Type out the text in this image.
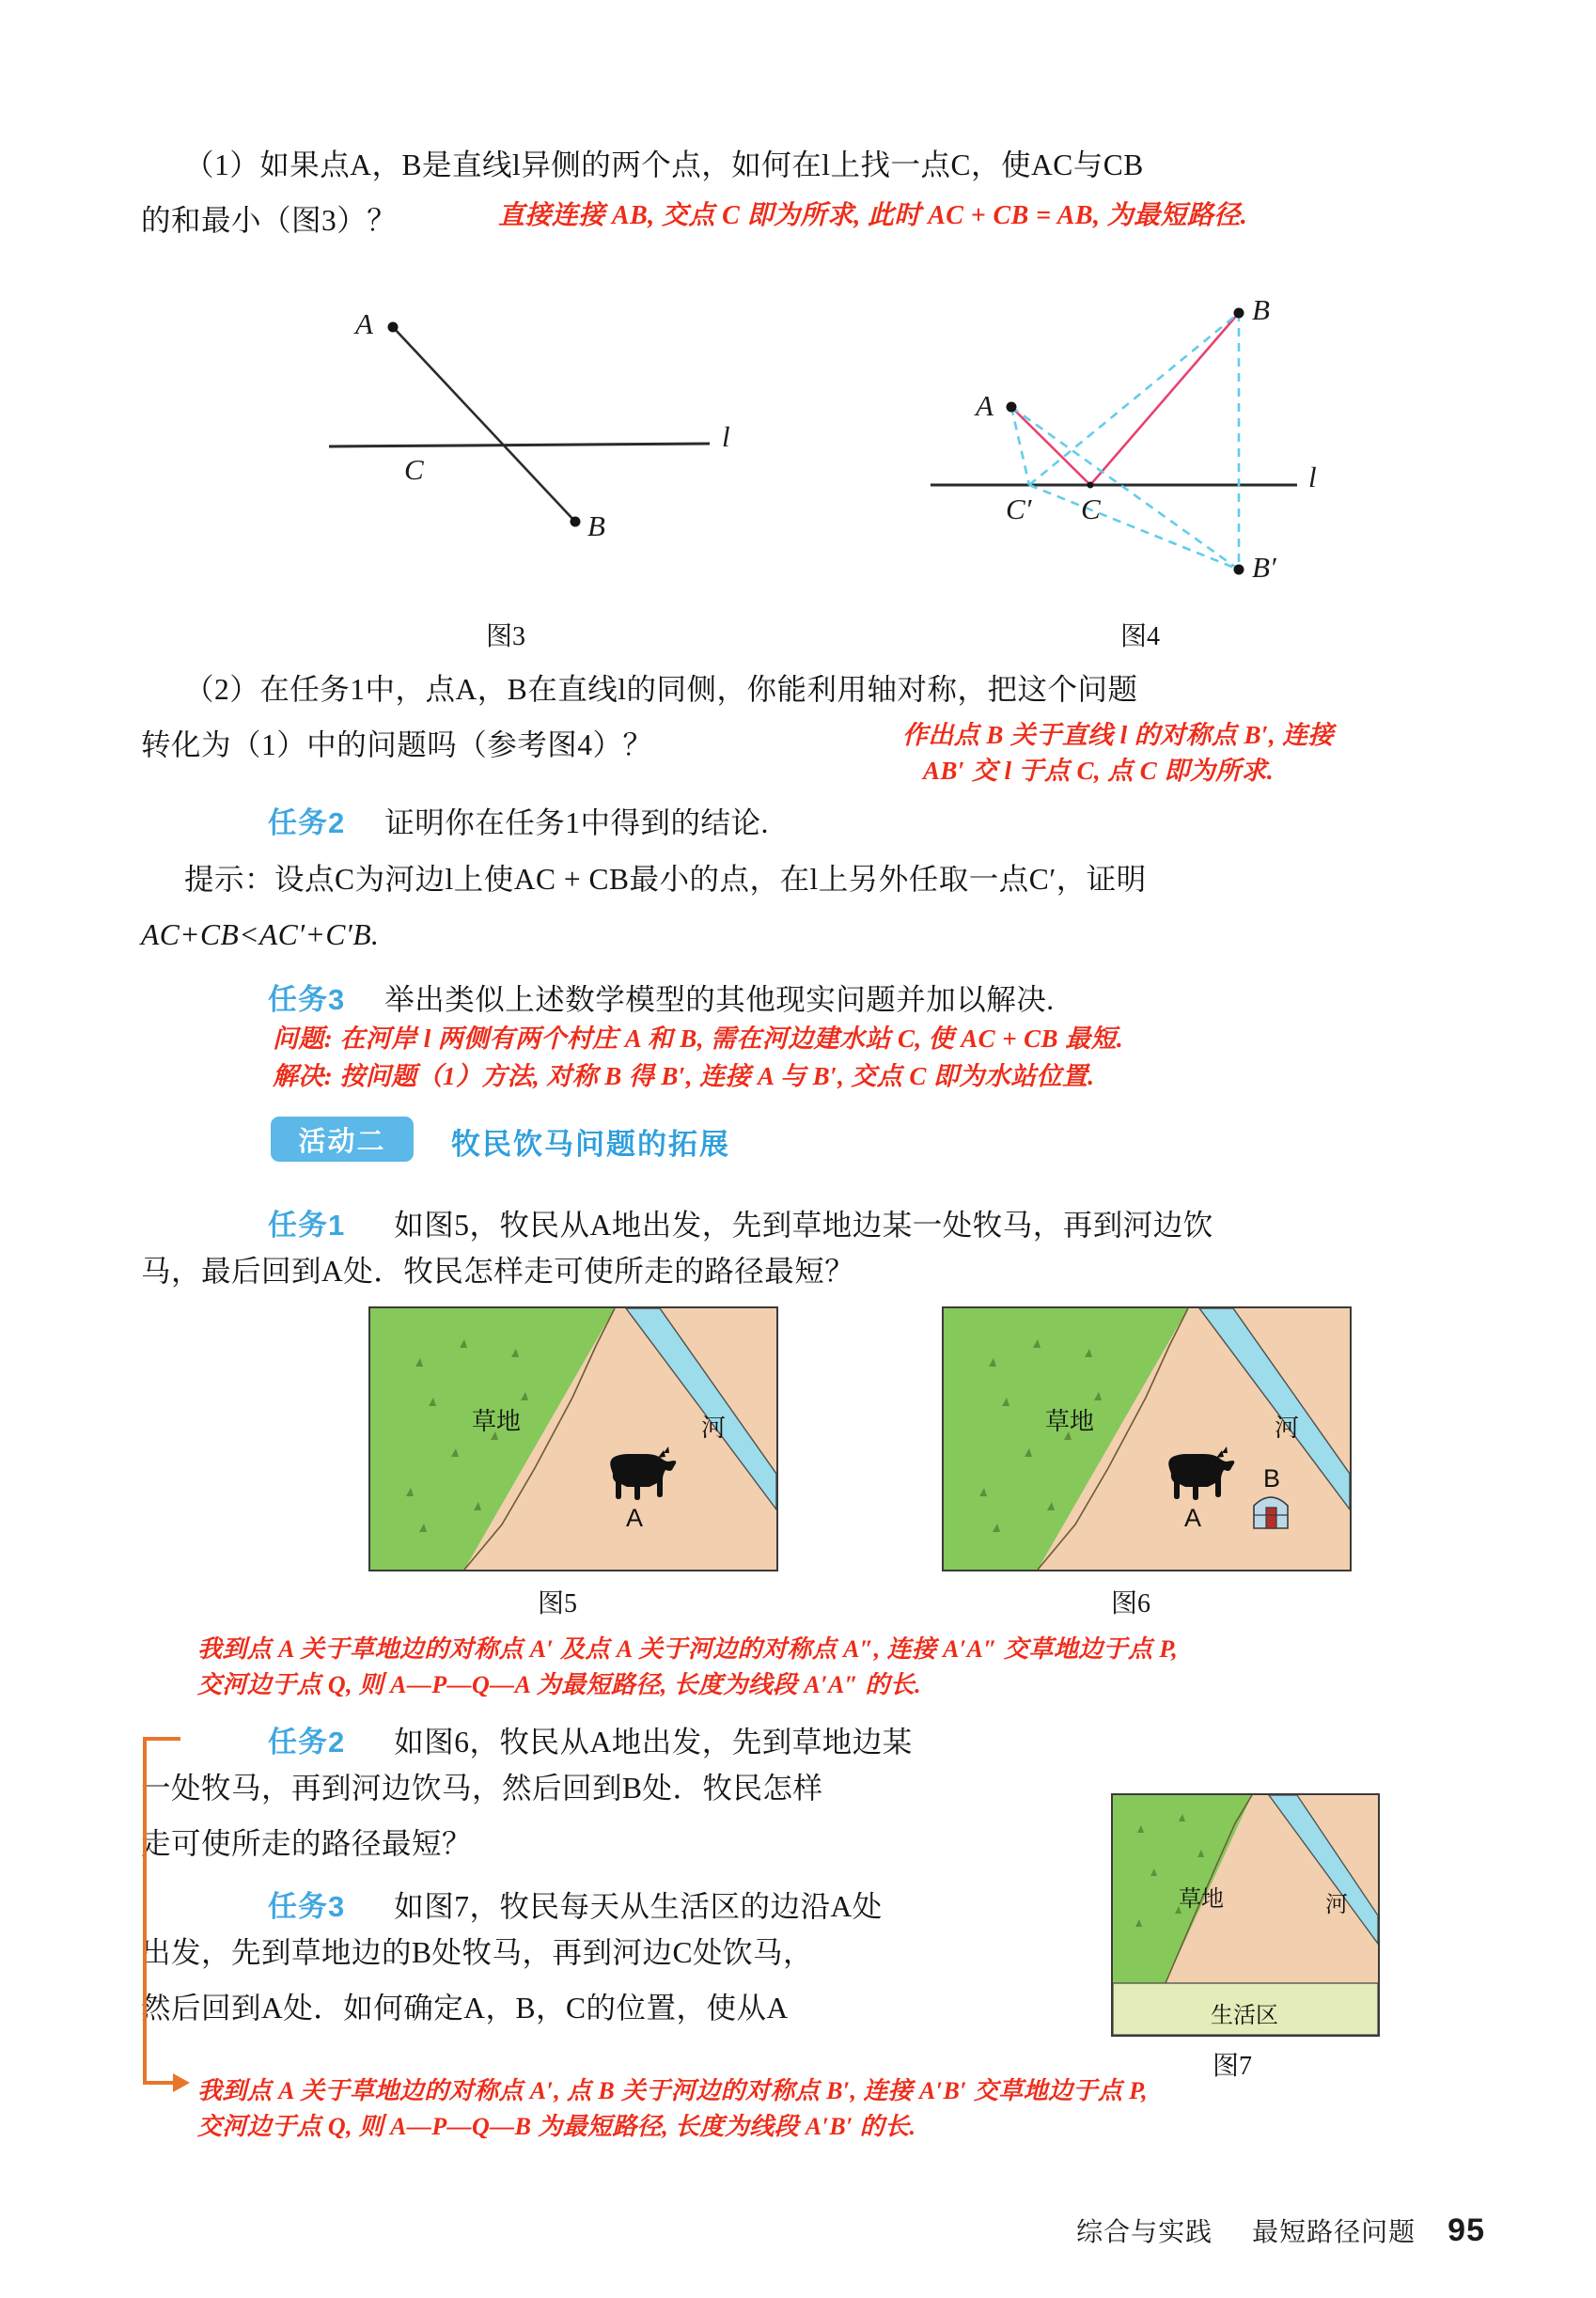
（1）如果点A，B是直线l异侧的两个点，如何在l上找一点C，使AC与CB
的和最小（图3）？	直接连接 AB, 交点 C 即为所求, 此时 AC + CB = AB, 为最短路径.
A
B
C
l
图3
A
B
B′
C
C′
l
图4
（2）在任务1中，点A，B在直线l的同侧，你能利用轴对称，把这个问题
转化为（1）中的问题吗（参考图4）？	作出点 B 关于直线 l 的对称点 B′, 连接
AB′ 交 l 于点 C, 点 C 即为所求.
任务2 证明你在任务1中得到的结论.
提示：设点C为河边l上使AC + CB最小的点，在l上另外任取一点C′，证明
AC+CB<AC′+C′B.
任务3 举出类似上述数学模型的其他现实问题并加以解决.
问题: 在河岸 l 两侧有两个村庄 A 和 B, 需在河边建水站 C, 使 AC + CB 最短.
解决: 按问题（1）方法, 对称 B 得 B′, 连接 A 与 B′, 交点 C 即为水站位置.
活动二	牧民饮马问题的拓展
任务1 如图5，牧民从A地出发，先到草地边某一处牧马，再到河边饮
马，最后回到A处．牧民怎样走可使所走的路径最短？
草地	河
A
图5
草地	河
A
B
图6
我到点 A 关于草地边的对称点 A′ 及点 A 关于河边的对称点 A″, 连接 A′A″ 交草地边于点 P,
交河边于点 Q, 则 A—P—Q—A 为最短路径, 长度为线段 A′A″ 的长.
任务2 如图6，牧民从A地出发，先到草地边某
一处牧马，再到河边饮马，然后回到B处．牧民怎样
走可使所走的路径最短？
任务3 如图7，牧民每天从生活区的边沿A处
出发，先到草地边的B处牧马，再到河边C处饮马，
然后回到A处．如何确定A，B，C的位置，使从A
草地	河
生活区
图7
我到点 A 关于草地边的对称点 A′, 点 B 关于河边的对称点 B′, 连接 A′B′ 交草地边于点 P,
交河边于点 Q, 则 A—P—Q—B 为最短路径, 长度为线段 A′B′ 的长.
综合与实践 最短路径问题 95
